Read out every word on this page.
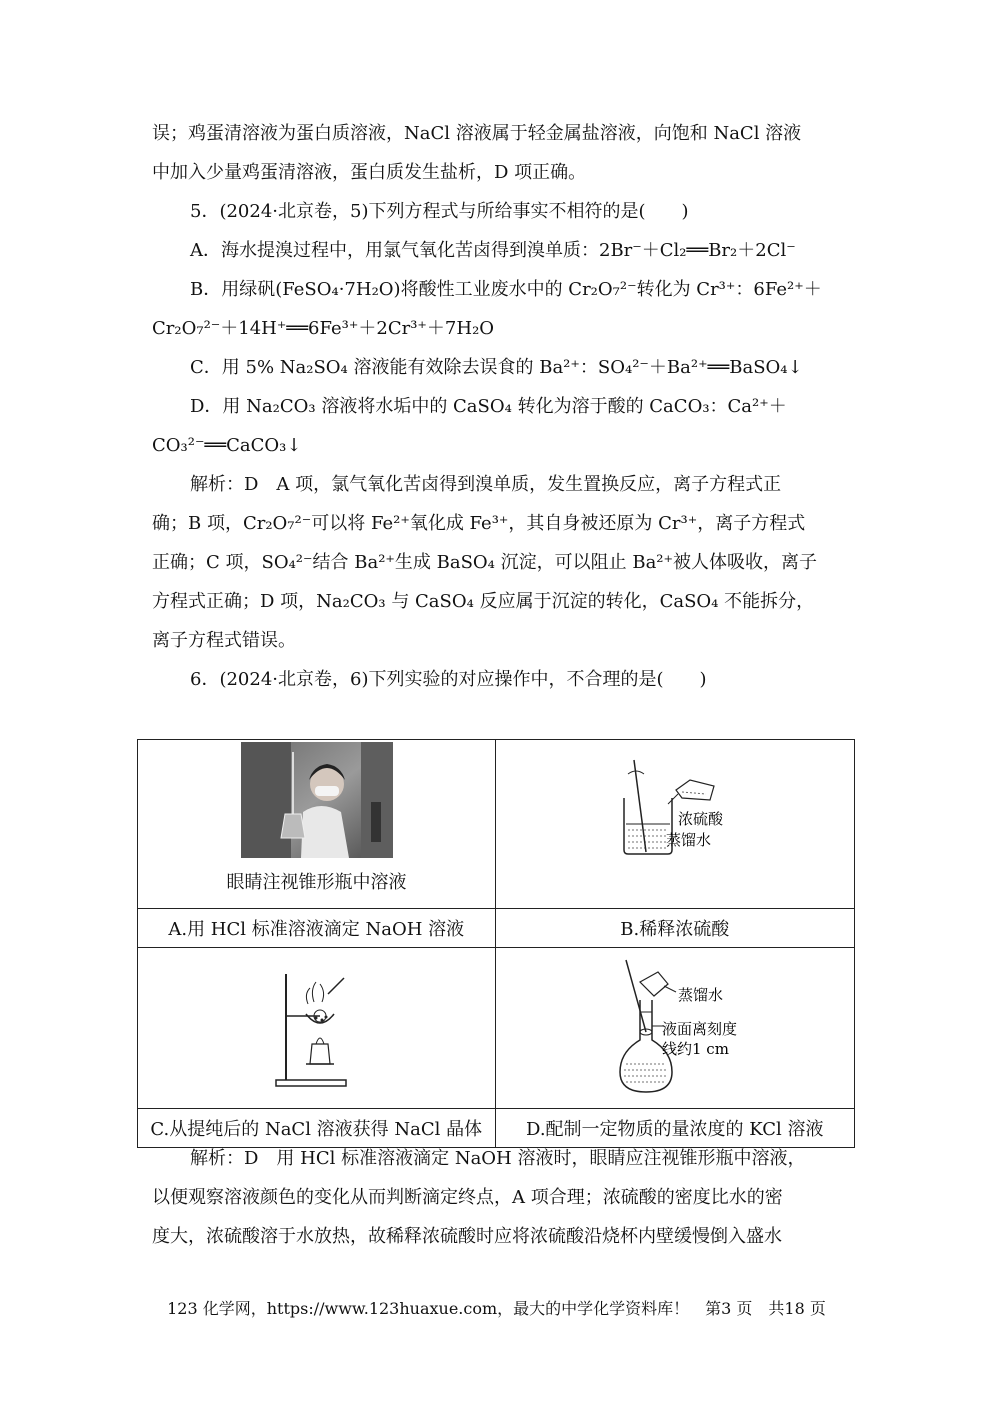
误；鸡蛋清溶液为蛋白质溶液，NaCl 溶液属于轻金属盐溶液，向饱和 NaCl 溶液
中加入少量鸡蛋清溶液，蛋白质发生盐析，D 项正确。
5．(2024·北京卷，5)下列方程式与所给事实不相符的是(　　)
A．海水提溴过程中，用氯气氧化苦卤得到溴单质：2Br⁻＋Cl₂══Br₂＋2Cl⁻
B．用绿矾(FeSO₄·7H₂O)将酸性工业废水中的 Cr₂O₇²⁻转化为 Cr³⁺：6Fe²⁺＋
Cr₂O₇²⁻＋14H⁺══6Fe³⁺＋2Cr³⁺＋7H₂O
C．用 5% Na₂SO₄ 溶液能有效除去误食的 Ba²⁺：SO₄²⁻＋Ba²⁺══BaSO₄↓
D．用 Na₂CO₃ 溶液将水垢中的 CaSO₄ 转化为溶于酸的 CaCO₃：Ca²⁺＋
CO₃²⁻══CaCO₃↓
解析：D　A 项，氯气氧化苦卤得到溴单质，发生置换反应，离子方程式正
确；B 项，Cr₂O₇²⁻可以将 Fe²⁺氧化成 Fe³⁺，其自身被还原为 Cr³⁺，离子方程式
正确；C 项，SO₄²⁻结合 Ba²⁺生成 BaSO₄ 沉淀，可以阻止 Ba²⁺被人体吸收，离子
方程式正确；D 项，Na₂CO₃ 与 CaSO₄ 反应属于沉淀的转化，CaSO₄ 不能拆分，
离子方程式错误。
6．(2024·北京卷，6)下列实验的对应操作中，不合理的是(　　)
眼睛注视锥形瓶中溶液	浓硫酸
蒸馏水

A.用 HCl 标准溶液滴定 NaOH 溶液	B.稀释浓硫酸

蒸馏水
液面离刻度
线约1 cm

C.从提纯后的 NaCl 溶液获得 NaCl 晶体	D.配制一定物质的量浓度的 KCl 溶液
解析：D　用 HCl 标准溶液滴定 NaOH 溶液时，眼睛应注视锥形瓶中溶液，
以便观察溶液颜色的变化从而判断滴定终点，A 项合理；浓硫酸的密度比水的密
度大，浓硫酸溶于水放热，故稀释浓硫酸时应将浓硫酸沿烧杯内壁缓慢倒入盛水
123 化学网，https://www.123huaxue.com，最大的中学化学资料库！　第3 页　共18 页
